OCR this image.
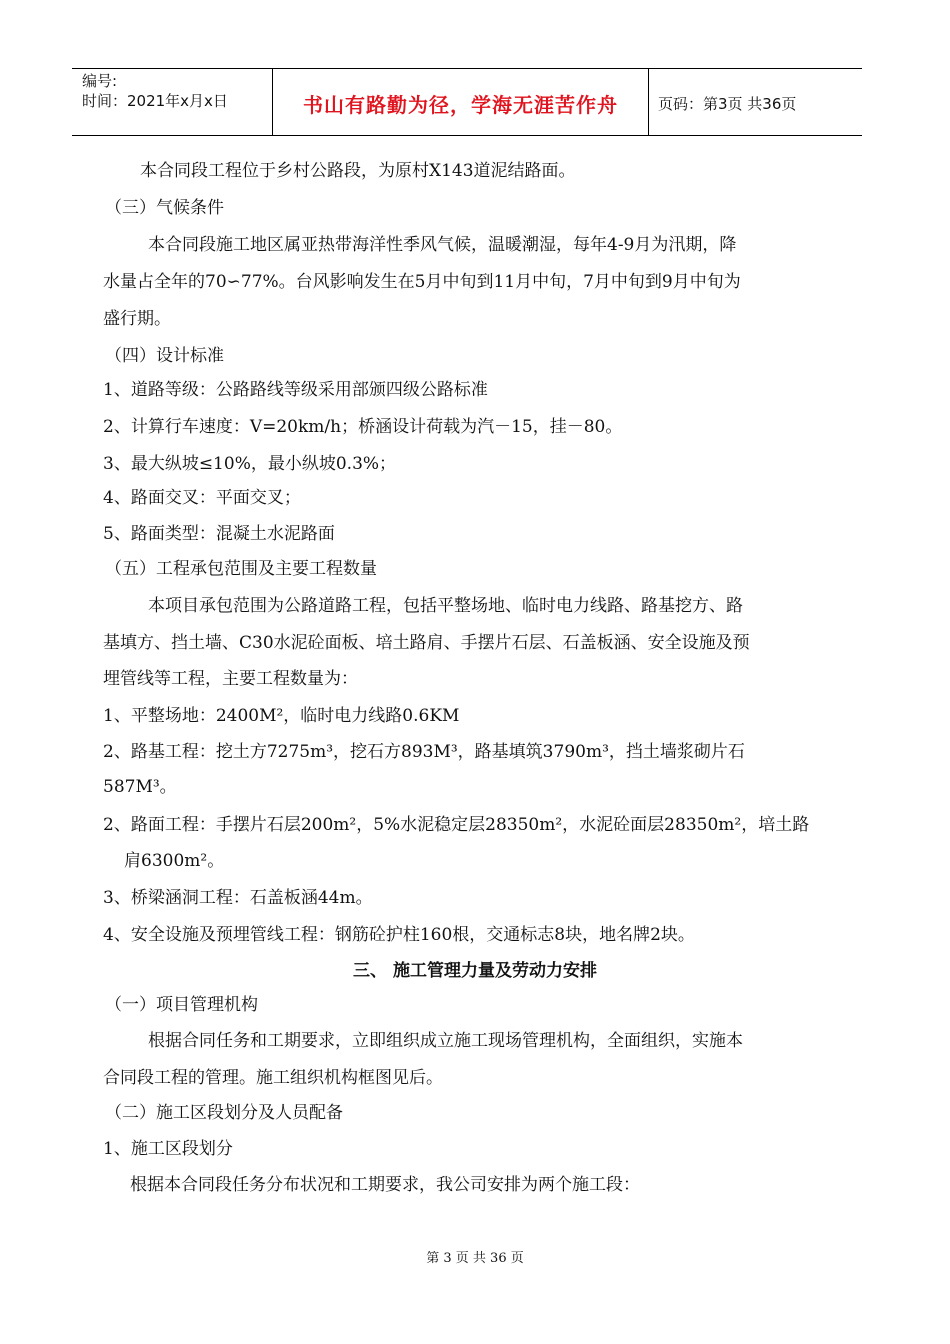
编号:
时间：2021年x月x日	书山有路勤为径，学海无涯苦作舟	页码：第3页 共36页
本合同段工程位于乡村公路段，为原村X143道泥结路面。
（三）气候条件
本合同段施工地区属亚热带海洋性季风气候，温暖潮湿，每年4-9月为汛期，降
水量占全年的70∽77%。台风影响发生在5月中旬到11月中旬，7月中旬到9月中旬为
盛行期。
（四）设计标准
1、道路等级：公路路线等级采用部颁四级公路标准
2、计算行车速度：V=20km/h；桥涵设计荷载为汽－15，挂－80。
3、最大纵坡≤10%，最小纵坡0.3%；
4、路面交叉：平面交叉；
5、路面类型：混凝土水泥路面
（五）工程承包范围及主要工程数量
本项目承包范围为公路道路工程，包括平整场地、临时电力线路、路基挖方、路
基填方、挡土墙、C30水泥砼面板、培土路肩、手摆片石层、石盖板涵、安全设施及预
埋管线等工程，主要工程数量为：
1、平整场地：2400M²，临时电力线路0.6KM
2、路基工程：挖土方7275m³，挖石方893M³，路基填筑3790m³，挡土墙浆砌片石
587M³。
2、路面工程：手摆片石层200m²，5%水泥稳定层28350m²，水泥砼面层28350m²，培土路
肩6300m²。
3、桥梁涵洞工程：石盖板涵44m。
4、安全设施及预埋管线工程：钢筋砼护柱160根，交通标志8块，地名牌2块。
三、 施工管理力量及劳动力安排
（一）项目管理机构
根据合同任务和工期要求，立即组织成立施工现场管理机构，全面组织，实施本
合同段工程的管理。施工组织机构框图见后。
（二）施工区段划分及人员配备
1、施工区段划分
根据本合同段任务分布状况和工期要求，我公司安排为两个施工段：
第 3 页 共 36 页
